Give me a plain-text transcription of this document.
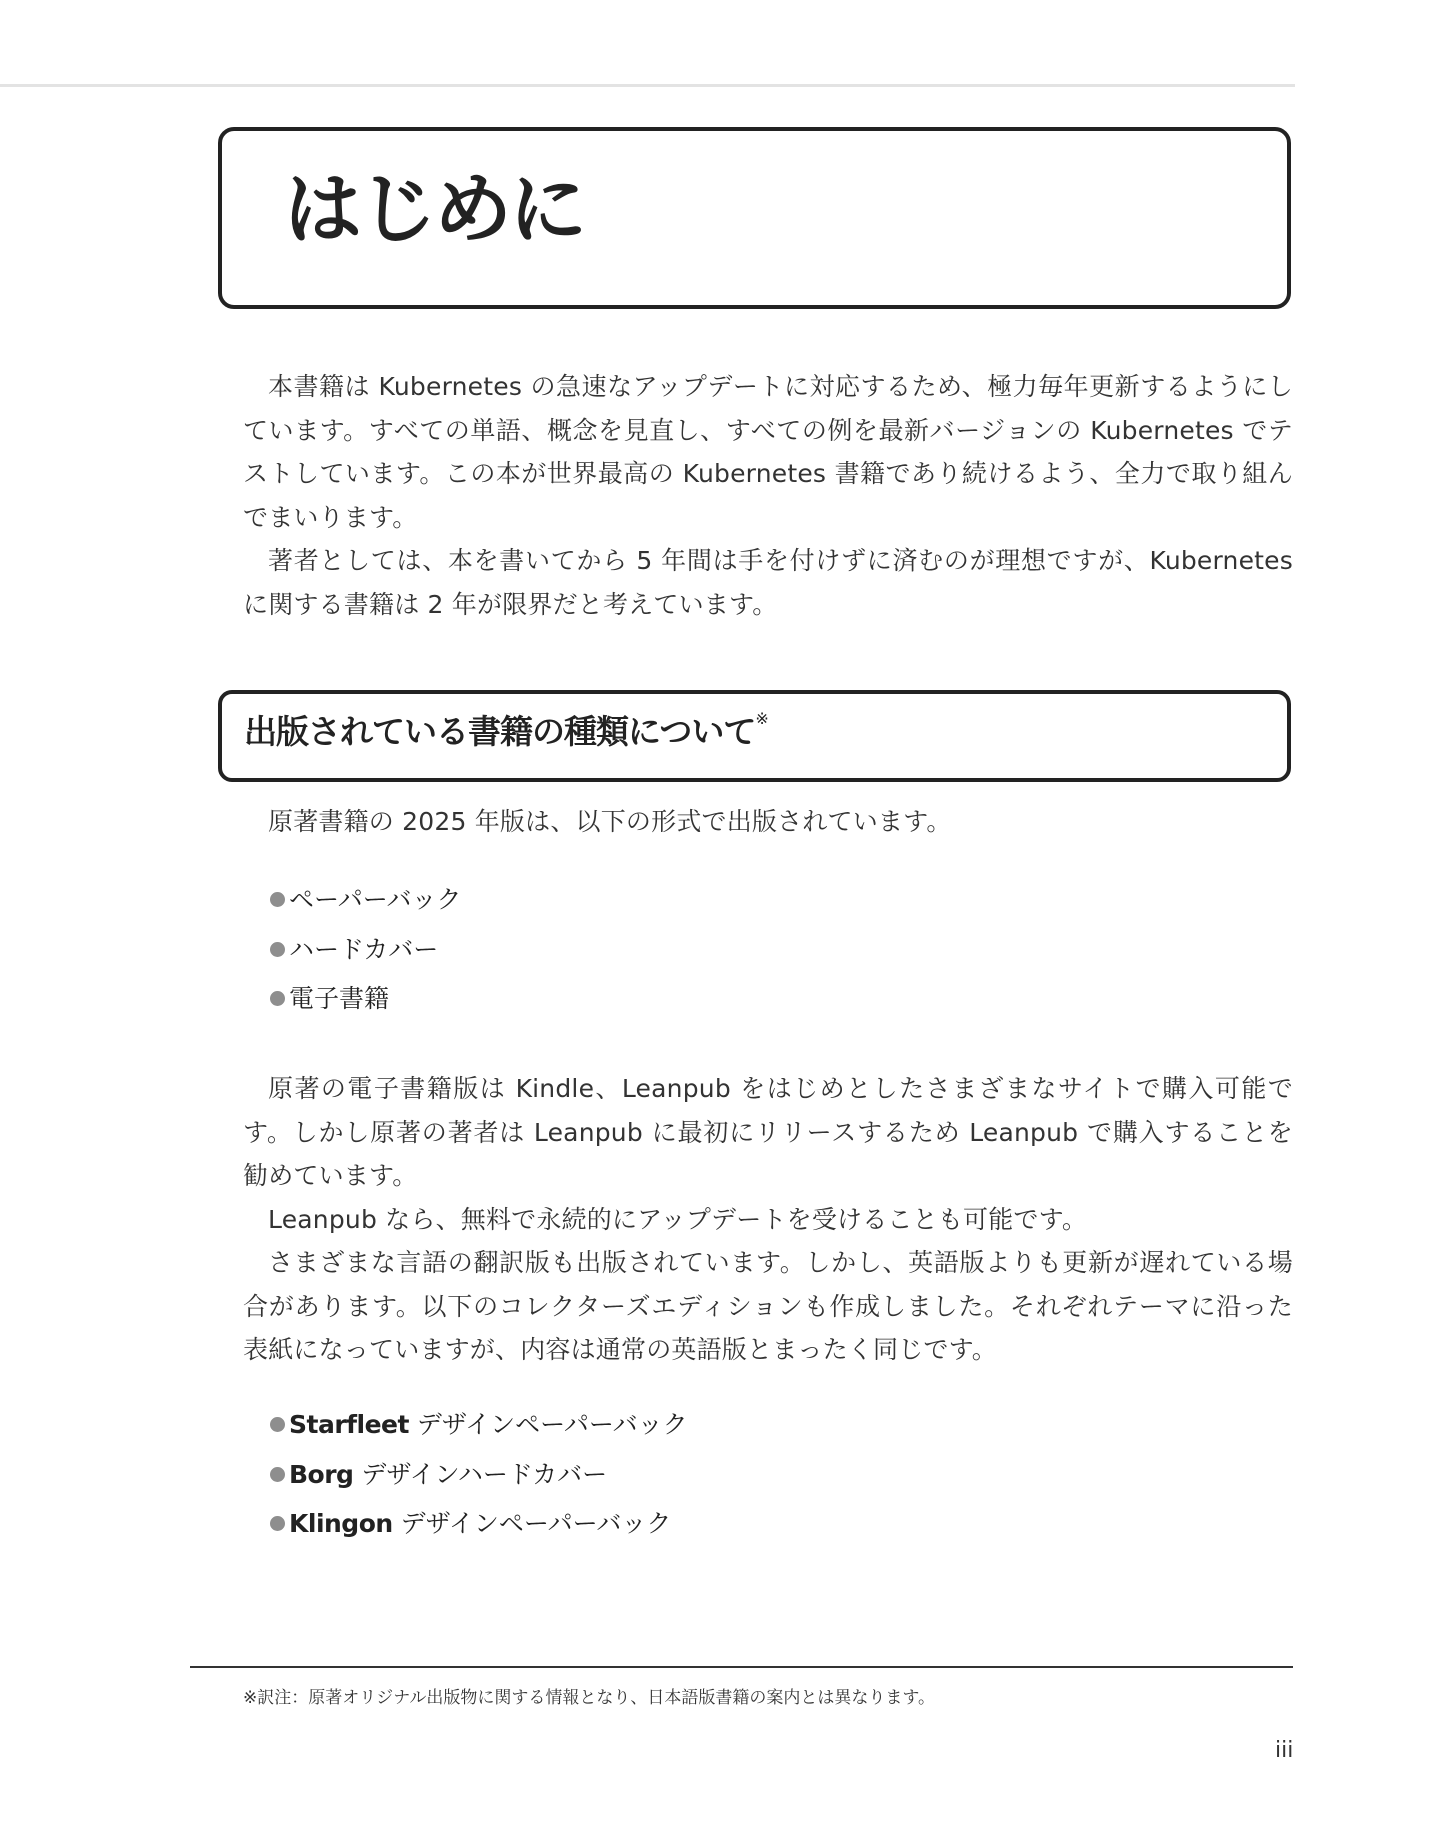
はじめに

本書籍は Kubernetes の急速なアップデートに対応するため、極力毎年更新するようにしています。すべての単語、概念を見直し、すべての例を最新バージョンの Kubernetes でテストしています。この本が世界最高の Kubernetes 書籍であり続けるよう、全力で取り組んでまいります。

著者としては、本を書いてから 5 年間は手を付けずに済むのが理想ですが、Kubernetes に関する書籍は 2 年が限界だと考えています。

出版されている書籍の種類について※

原著書籍の 2025 年版は、以下の形式で出版されています。

ペーパーバック
ハードカバー
電子書籍

原著の電子書籍版は Kindle、Leanpub をはじめとしたさまざまなサイトで購入可能です。しかし原著の著者は Leanpub に最初にリリースするため Leanpub で購入することを勧めています。

Leanpub なら、無料で永続的にアップデートを受けることも可能です。

さまざまな言語の翻訳版も出版されています。しかし、英語版よりも更新が遅れている場合があります。以下のコレクターズエディションも作成しました。それぞれテーマに沿った表紙になっていますが、内容は通常の英語版とまったく同じです。

Starfleet デザインペーパーバック
Borg デザインハードカバー
Klingon デザインペーパーバック

※訳注：原著オリジナル出版物に関する情報となり、日本語版書籍の案内とは異なります。

iii
